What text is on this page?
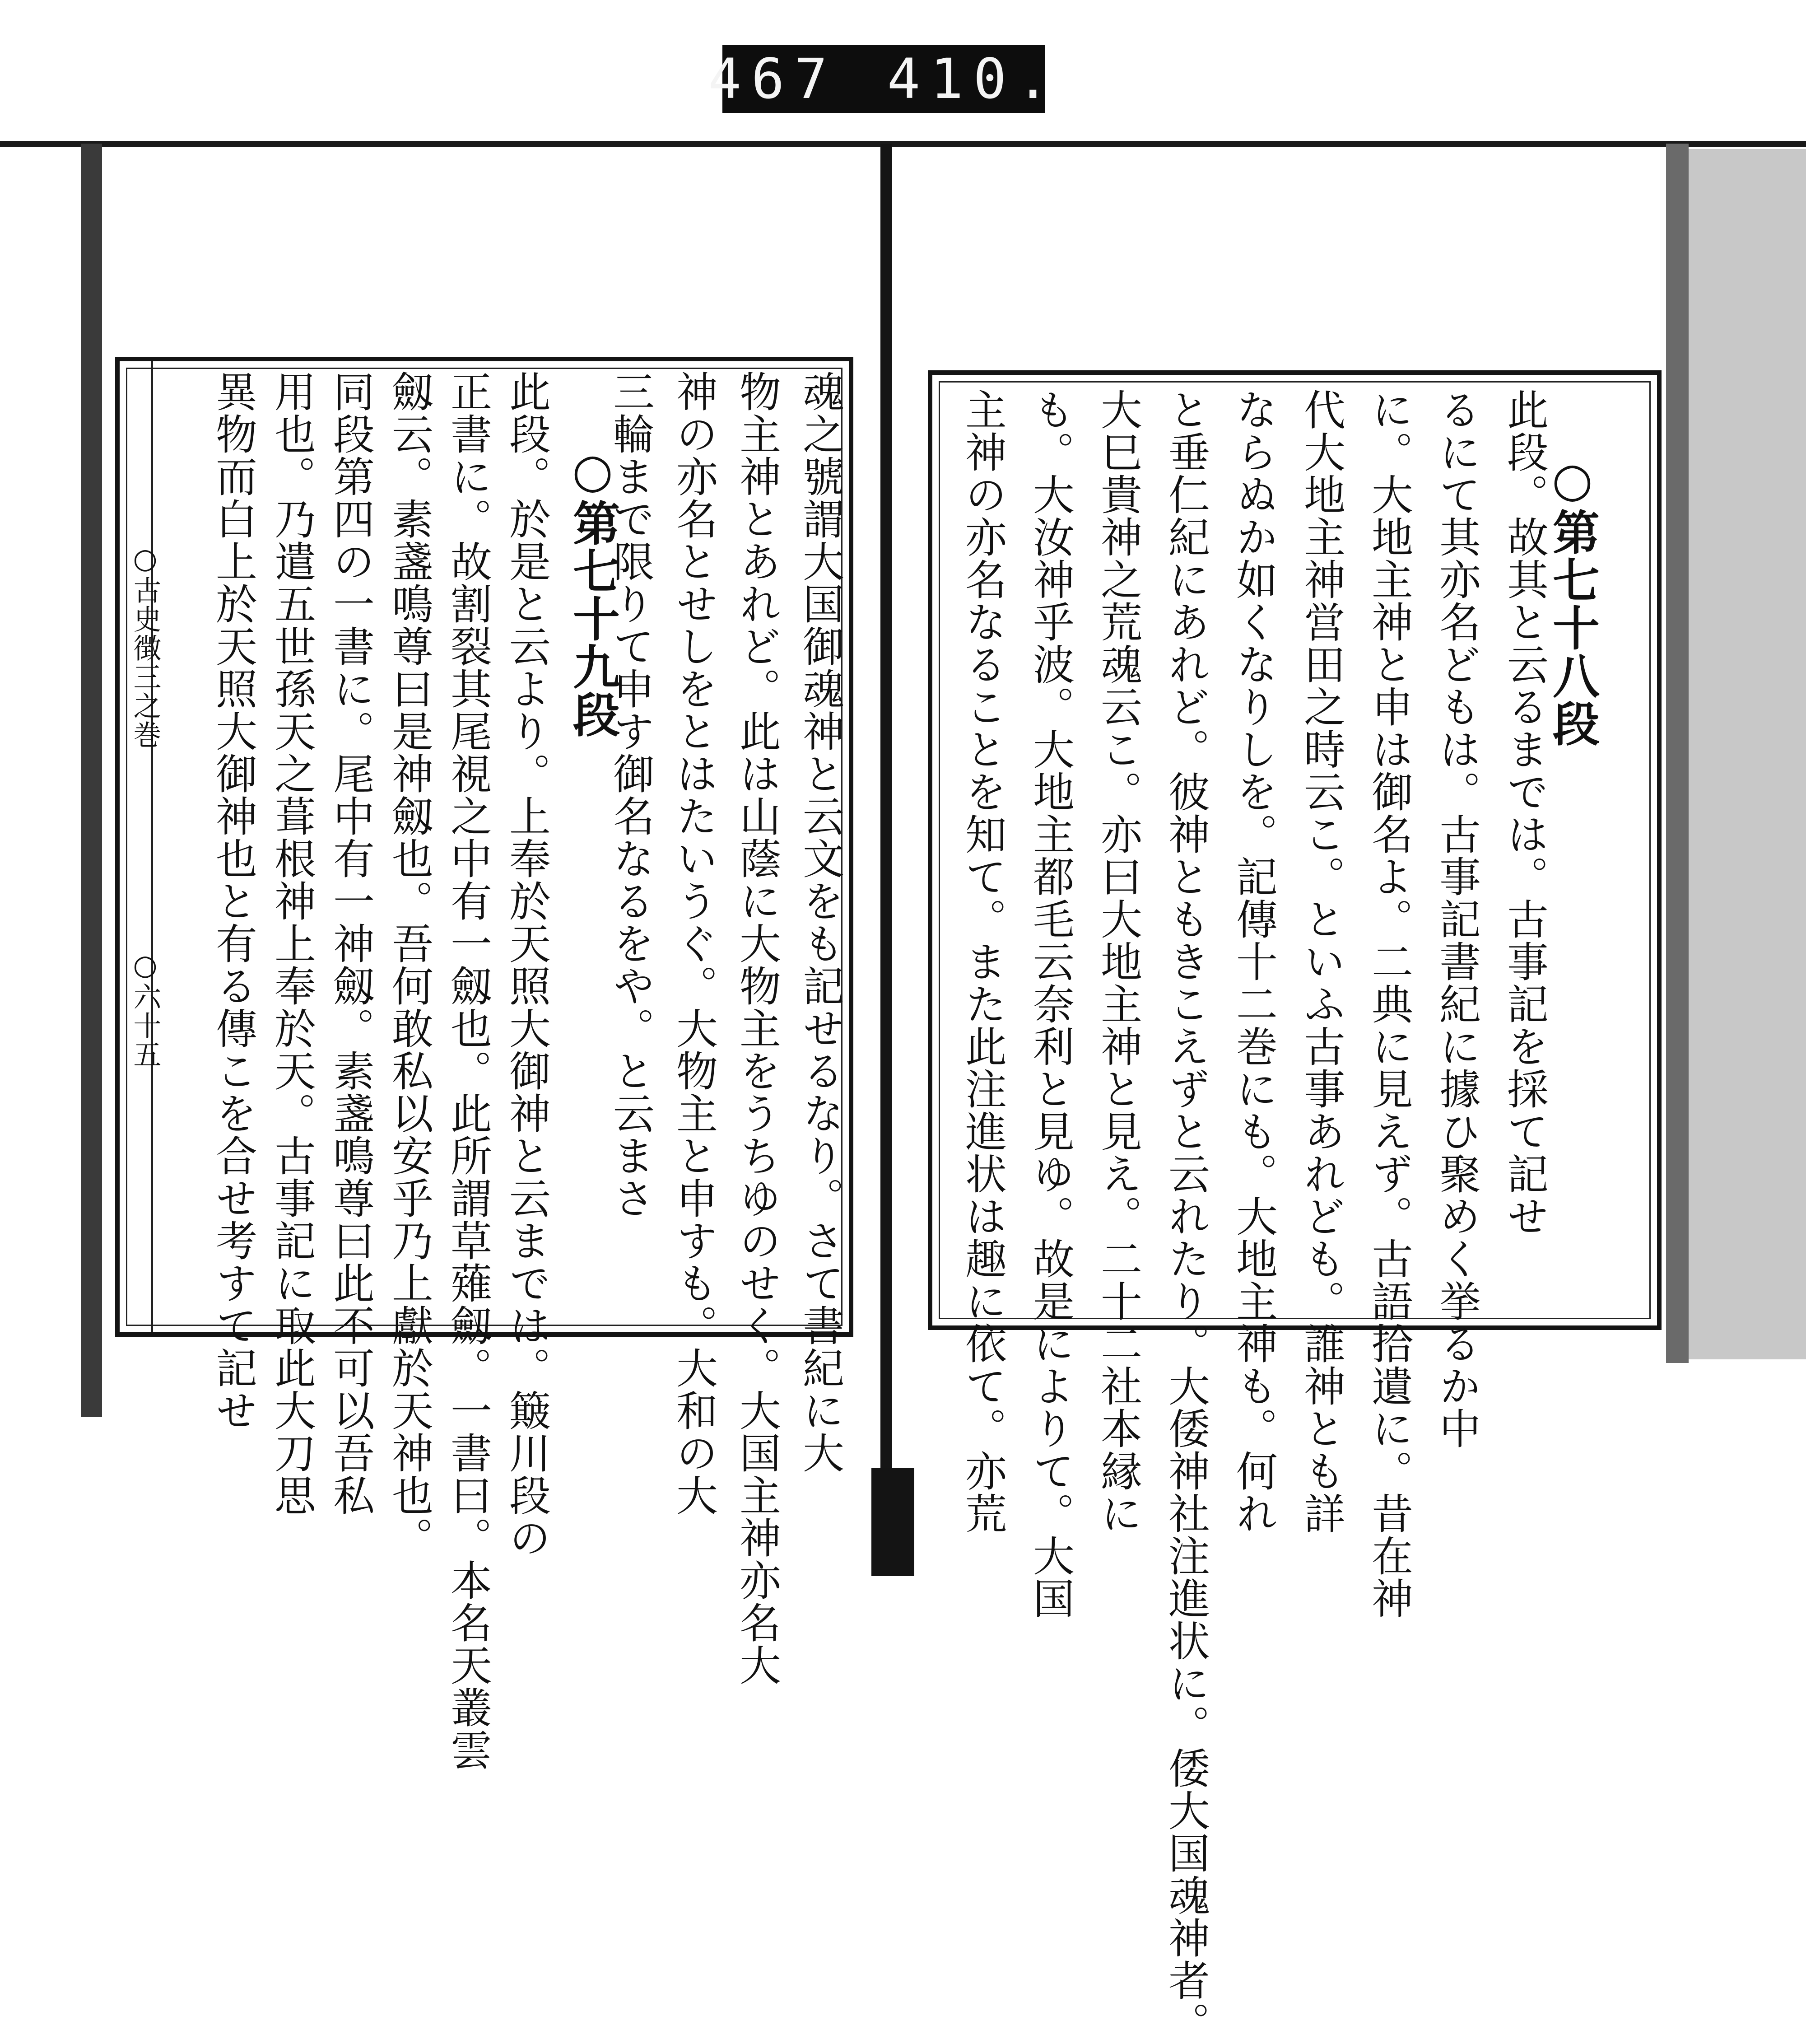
467 410.
○第七十八段
此段。故其と云るまでは。古事記を採て記せ
るにて其亦名どもは。古事記書紀に據ひ聚めく挙るか中
に。大地主神と申は御名よ。二典に見えず。古語拾遺に。昔在神
代大地主神営田之時云こ。といふ古事あれども。誰神とも詳
ならぬか如くなりしを。記傳十二巻にも。大地主神も。何れ
と垂仁紀にあれど。彼神ともきこえずと云れたり。大倭神社注進状に。倭大国魂神者。
大巳貴神之荒魂云こ。亦曰大地主神と見え。二十二社本縁に
も。大汝神乎波。大地主都毛云奈利と見ゆ。故是によりて。大国
主神の亦名なることを知て。また此注進状は趣に依て。亦荒
魂之號謂大国御魂神と云文をも記せるなり。さて書紀に大
物主神とあれど。此は山蔭に大物主をうちゆのせく。大国主神亦名大
神の亦名とせしをとはたいうぐ。大物主と申すも。大和の大
三輪まで限りて申す御名なるをや。と云まさ
○第七十九段
此段。於是と云より。上奉於天照大御神と云までは。簸川段の
正書に。故割裂其尾視之中有一劔也。此所謂草薙劔。一書曰。本名天叢雲
劔云。素盞鳴尊曰是神劔也。吾何敢私以安乎乃上獻於天神也。
同段第四の一書に。尾中有一神劔。素盞鳴尊曰此不可以吾私
用也。乃遣五世孫天之葺根神上奉於天。古事記に取此大刀思
異物而白上於天照大御神也と有る傳こを合せ考すて記せ
○古史徴三之巻
○六十五
